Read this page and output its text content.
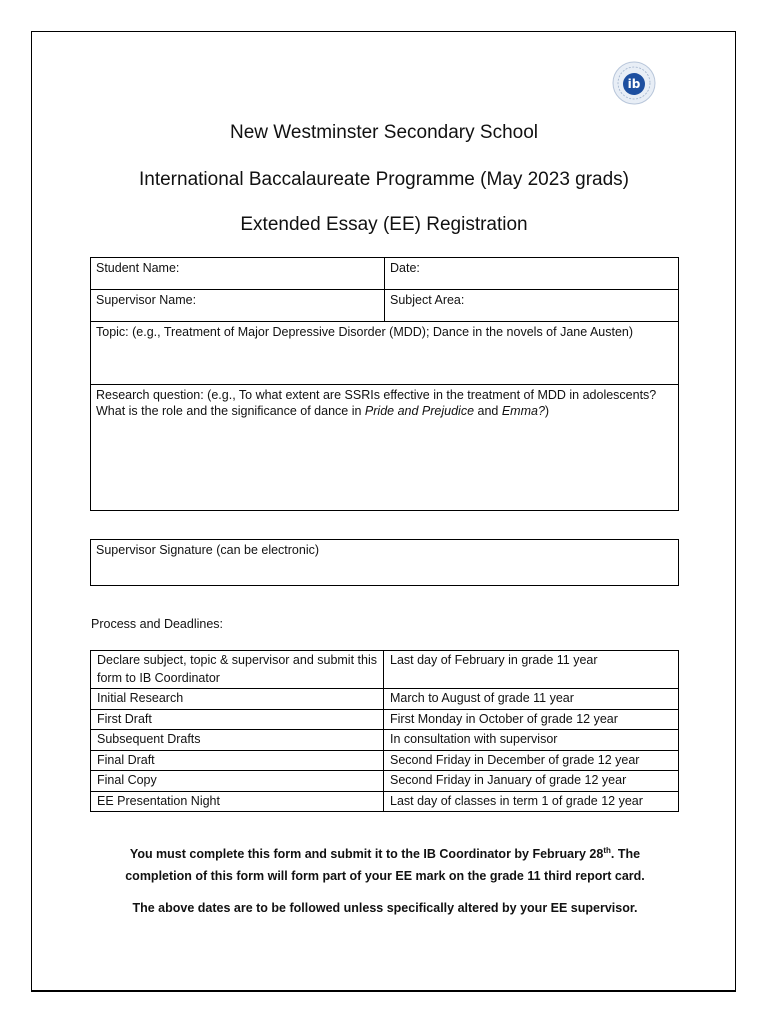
ib
New Westminster Secondary School
International Baccalaureate Programme (May 2023 grads)
Extended Essay (EE) Registration
Student Name:	Date:
Supervisor Name:	Subject Area:
Topic: (e.g., Treatment of Major Depressive Disorder (MDD); Dance in the novels of Jane Austen)	

Research question: (e.g., To what extent are SSRIs effective in the treatment of MDD in adolescents?
What is the role and the significance of dance in Pride and Prejudice and Emma?)	
Supervisor Signature (can be electronic)
Process and Deadlines:
Declare subject, topic & supervisor and submit this form to IB Coordinator	Last day of February in grade 11 year
Initial Research	March to August of grade 11 year
First Draft	First Monday in October of grade 12 year
Subsequent Drafts	In consultation with supervisor
Final Draft	Second Friday in December of grade 12 year
Final Copy	Second Friday in January of grade 12 year
EE Presentation Night	Last day of classes in term 1 of grade 12 year
You must complete this form and submit it to the IB Coordinator by February 28th. The
completion of this form will form part of your EE mark on the grade 11 third report card.
The above dates are to be followed unless specifically altered by your EE supervisor.
